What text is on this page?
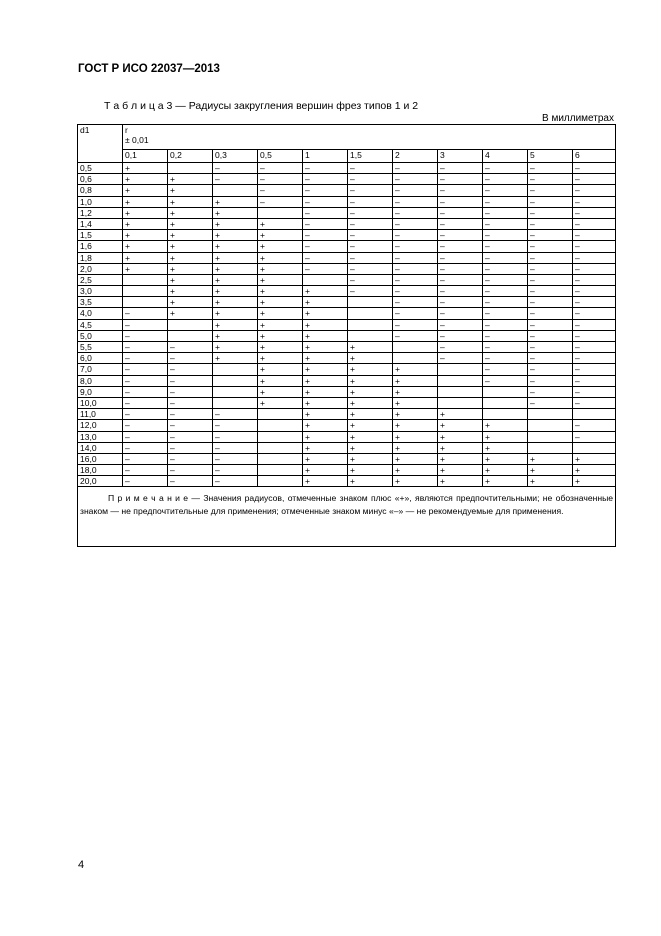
ГОСТ Р ИСО 22037—2013
Т а б л и ц а 3 — Радиусы закругления вершин фрез типов 1 и 2
В миллиметрах
d1	r
± 0,01										

	0,1	0,2	0,3	0,5	1	1,5	2	3	4	5	6
0,5	+		–	–	–	–	–	–	–	–	–
0,6	+	+	–	–	–	–	–	–	–	–	–
0,8	+	+		–	–	–	–	–	–	–	–
1,0	+	+	+	–	–	–	–	–	–	–	–
1,2	+	+	+		–	–	–	–	–	–	–
1,4	+	+	+	+	–	–	–	–	–	–	–
1,5	+	+	+	+	–	–	–	–	–	–	–
1,6	+	+	+	+	–	–	–	–	–	–	–
1,8	+	+	+	+	–	–	–	–	–	–	–
2,0	+	+	+	+	–	–	–	–	–	–	–
2,5		+	+	+		–	–	–	–	–	–
3,0		+	+	+	+	–	–	–	–	–	–
3,5		+	+	+	+		–	–	–	–	–
4,0	–	+	+	+	+		–	–	–	–	–
4,5	–		+	+	+		–	–	–	–	–
5,0	–		+	+	+		–	–	–	–	–
5,5	–	–	+	+	+	+		–	–	–	–
6,0	–	–	+	+	+	+		–	–	–	–
7,0	–	–		+	+	+	+		–	–	–
8,0	–	–		+	+	+	+		–	–	–
9,0	–	–		+	+	+	+			–	–
10,0	–	–		+	+	+	+			–	–
11,0	–	–	–		+	+	+	+			
12,0	–	–	–		+	+	+	+	+		–
13,0	–	–	–		+	+	+	+	+		–
14,0	–	–	–		+	+	+	+	+		
16,0	–	–	–		+	+	+	+	+	+	+
18,0	–	–	–		+	+	+	+	+	+	+
20,0	–	–	–		+	+	+	+	+	+	+
П р и м е ч а н и е — Значения радиусов, отмеченные знаком плюс «+», являются предпочтительными; не обозначенные знаком — не предпочтительные для применения; отмеченные знаком минус «–» — не рекомендуемые для применения.											
4
